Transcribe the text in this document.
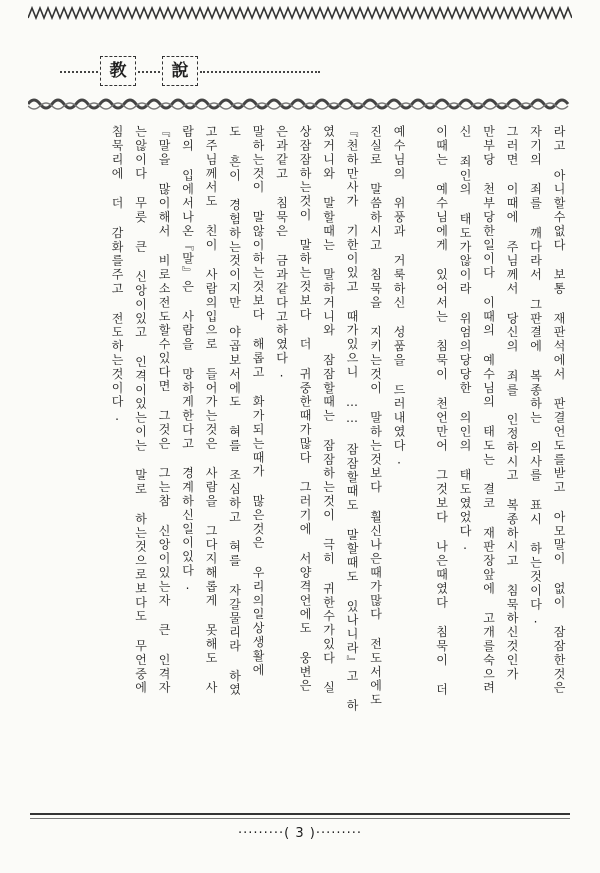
教	說

라고 아니할수없다 보통 재판석에서 판결언도를받고 아모말이 없이 잠잠한것은

자기의 죄를 깨다라서 그판결에 복종하는 의사를 표시 하는것이다.

그러면 이때에 주님께서 당신의 죄를 인정하시고 복종하시고 침묵하신것인가

만부당 천부당한일이다 이때의 예수님의 태도는 결코 재판장앞에 고개를숙으려

신 죄인의 태도가않이라 위엄의당당한 의인의 태도였었다.

이때는 예수님에게 있어서는 침묵이 천언만어 그것보다 나은때였다 침묵이 더

예수님의 위풍과 거룩하신 성품을 드러내였다.

진실로 말씀하시고 침묵을 지키는것이 말하는것보다 훨신나은때가많다 전도서에도

『천하만사가 기한이있고 때가있으니 …… 잠잠할때도 말할때도 있나니라』고 하

였거니와 말할때는 말하거니와 잠잠할때는 잠잠하는것이 극히 귀한수가있다 실

상잠잠하는것이 말하는것보다 더 귀중한때가많다 그러기에 서양격언에도 웅변은

은과같고 침묵은 금과같다고하였다.

말하는것이 말않이하는것보다 해롭고 화가되는때가 많은것은 우리의일상생활에

도 흔이 경험하는것이지만 야곱보서에도 혀를 조심하고 혀를 자갈물리라 하였

고주님께서도 친이 사람의입으로 들어가는것은 사람을 그다지해롭게 못해도 사

람의 입에서나온『말』은 사람을 망하게한다고 경계하신일이있다.

『말을 많이해서 비로소전도할수있다면 그것은 그는참 신앙이있는자 큰 인격자

는않이다 무릇 큰 신앙이있고 인격이있는이는 말로 하는것으로보다도 무언중에

침묵리에 더 감화를주고 전도하는것이다.

·········( 3 )·········
